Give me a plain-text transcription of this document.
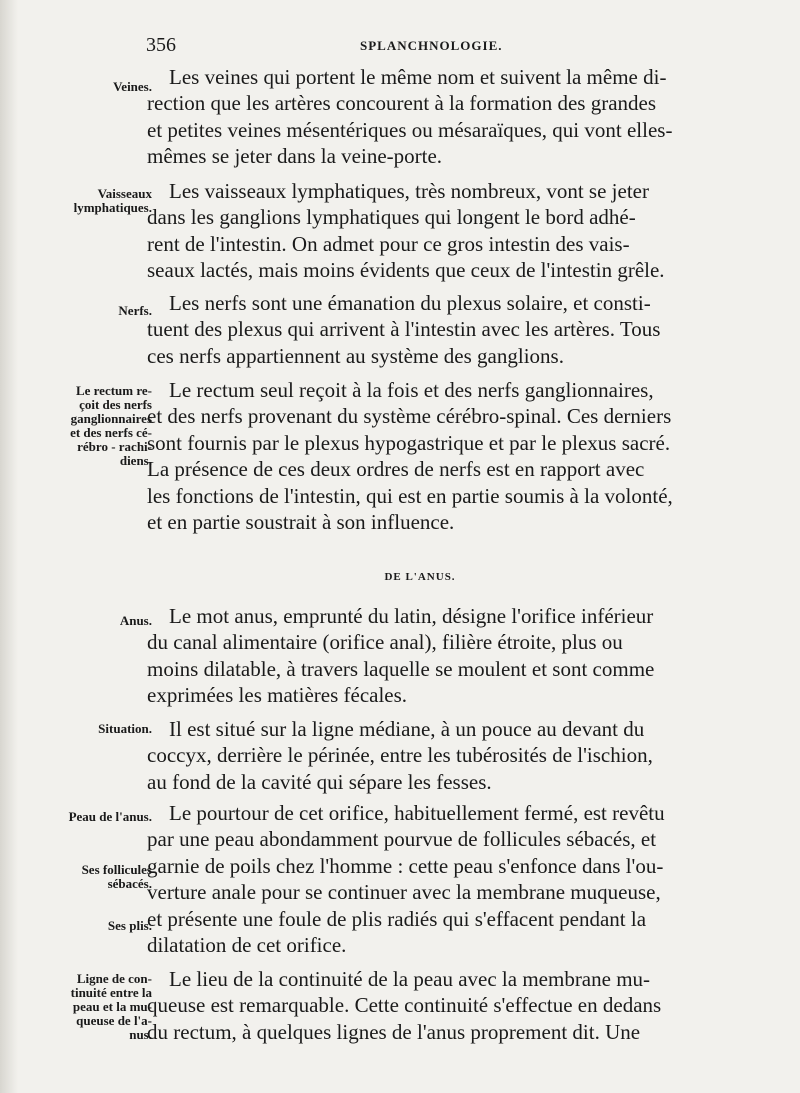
356	SPLANCHNOLOGIE.
Veines.
Vaisseaux
lymphatiques.
Nerfs.
Le rectum re-
çoit des nerfs
ganglionnaires
et des nerfs cé-
rébro - rachi-
diens.
Anus.
Situation.
Peau de l'anus.
Ses follicules
sébacés.
Ses plis.
Ligne de con-
tinuité entre la
peau et la mu-
queuse de l'a-
nus.
Les veines qui portent le même nom et suivent la même di-
rection que les artères concourent à la formation des grandes
et petites veines mésentériques ou mésaraïques, qui vont elles-
mêmes se jeter dans la veine-porte.
Les vaisseaux lymphatiques, très nombreux, vont se jeter
dans les ganglions lymphatiques qui longent le bord adhé-
rent de l'intestin. On admet pour ce gros intestin des vais-
seaux lactés, mais moins évidents que ceux de l'intestin grêle.
Les nerfs sont une émanation du plexus solaire, et consti-
tuent des plexus qui arrivent à l'intestin avec les artères. Tous
ces nerfs appartiennent au système des ganglions.
Le rectum seul reçoit à la fois et des nerfs ganglionnaires,
et des nerfs provenant du système cérébro-spinal. Ces derniers
sont fournis par le plexus hypogastrique et par le plexus sacré.
La présence de ces deux ordres de nerfs est en rapport avec
les fonctions de l'intestin, qui est en partie soumis à la volonté,
et en partie soustrait à son influence.
DE L'ANUS.
Le mot anus, emprunté du latin, désigne l'orifice inférieur
du canal alimentaire (orifice anal), filière étroite, plus ou
moins dilatable, à travers laquelle se moulent et sont comme
exprimées les matières fécales.
Il est situé sur la ligne médiane, à un pouce au devant du
coccyx, derrière le périnée, entre les tubérosités de l'ischion,
au fond de la cavité qui sépare les fesses.
Le pourtour de cet orifice, habituellement fermé, est revêtu
par une peau abondamment pourvue de follicules sébacés, et
garnie de poils chez l'homme : cette peau s'enfonce dans l'ou-
verture anale pour se continuer avec la membrane muqueuse,
et présente une foule de plis radiés qui s'effacent pendant la
dilatation de cet orifice.
Le lieu de la continuité de la peau avec la membrane mu-
queuse est remarquable. Cette continuité s'effectue en dedans
du rectum, à quelques lignes de l'anus proprement dit. Une
